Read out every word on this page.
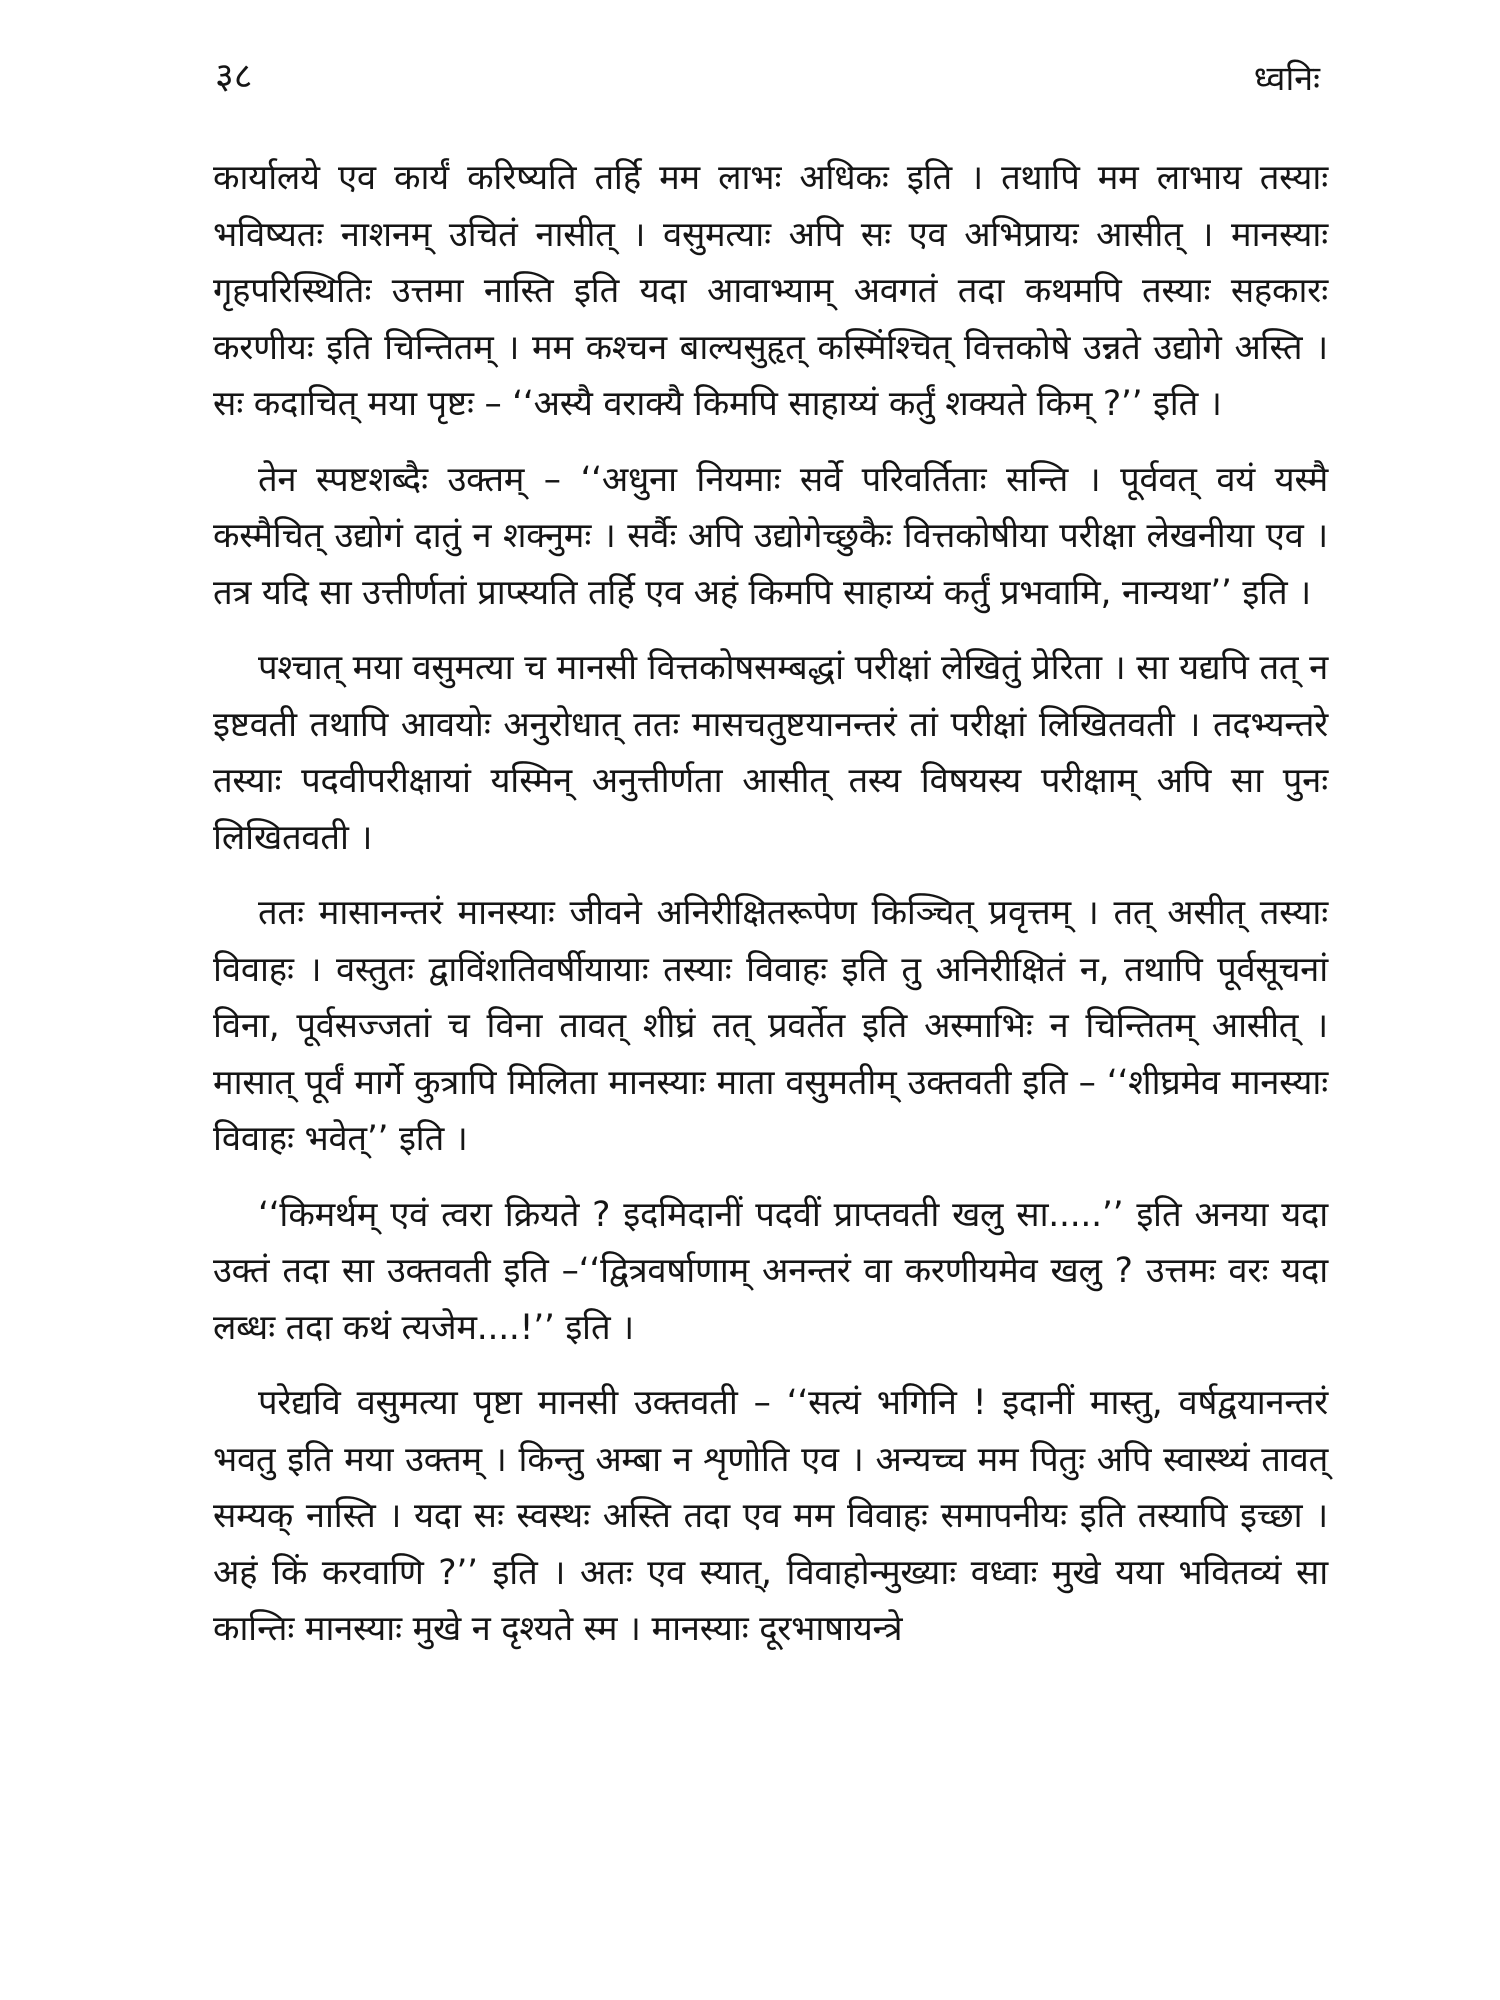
३८	ध्वनिः

कार्यालये एव कार्यं करिष्यति तर्हि मम लाभः अधिकः इति । तथापि मम लाभाय तस्याः भविष्यतः नाशनम् उचितं नासीत् । वसुमत्याः अपि सः एव अभिप्रायः आसीत् । मानस्याः गृहपरिस्थितिः उत्तमा नास्ति इति यदा आवाभ्याम् अवगतं तदा कथमपि तस्याः सहकारः करणीयः इति चिन्तितम् । मम कश्चन बाल्यसुहृत् कस्मिंश्चित् वित्तकोषे उन्नते उद्योगे अस्ति । सः कदाचित् मया पृष्टः – ‘‘अस्यै वराक्यै किमपि साहाय्यं कर्तुं शक्यते किम् ?’’ इति ।

तेन स्पष्टशब्दैः उक्तम् – ‘‘अधुना नियमाः सर्वे परिवर्तिताः सन्ति । पूर्ववत् वयं यस्मै कस्मैचित् उद्योगं दातुं न शक्नुमः । सर्वैः अपि उद्योगेच्छुकैः वित्तकोषीया परीक्षा लेखनीया एव । तत्र यदि सा उत्तीर्णतां प्राप्स्यति तर्हि एव अहं किमपि साहाय्यं कर्तुं प्रभवामि, नान्यथा’’ इति ।

पश्चात् मया वसुमत्या च मानसी वित्तकोषसम्बद्धां परीक्षां लेखितुं प्रेरिता । सा यद्यपि तत् न इष्टवती तथापि आवयोः अनुरोधात् ततः मासचतुष्टयानन्तरं तां परीक्षां लिखितवती । तदभ्यन्तरे तस्याः पदवीपरीक्षायां यस्मिन् अनुत्तीर्णता आसीत् तस्य विषयस्य परीक्षाम् अपि सा पुनः लिखितवती ।

ततः मासानन्तरं मानस्याः जीवने अनिरीक्षितरूपेण किञ्चित् प्रवृत्तम् । तत् असीत् तस्याः विवाहः । वस्तुतः द्वाविंशतिवर्षीयायाः तस्याः विवाहः इति तु अनिरीक्षितं न, तथापि पूर्वसूचनां विना, पूर्वसज्जतां च विना तावत् शीघ्रं तत् प्रवर्तेत इति अस्माभिः न चिन्तितम् आसीत् । मासात् पूर्वं मार्गे कुत्रापि मिलिता मानस्याः माता वसुमतीम् उक्तवती इति – ‘‘शीघ्रमेव मानस्याः विवाहः भवेत्’’ इति ।

‘‘किमर्थम् एवं त्वरा क्रियते ? इदमिदानीं पदवीं प्राप्तवती खलु सा.....’’ इति अनया यदा उक्तं तदा सा उक्तवती इति –‘‘द्वित्रवर्षाणाम् अनन्तरं वा करणीयमेव खलु ? उत्तमः वरः यदा लब्धः तदा कथं त्यजेम....!’’ इति ।

परेद्यवि वसुमत्या पृष्टा मानसी उक्तवती – ‘‘सत्यं भगिनि ! इदानीं मास्तु, वर्षद्वयानन्तरं भवतु इति मया उक्तम् । किन्तु अम्बा न शृणोति एव । अन्यच्च मम पितुः अपि स्वास्थ्यं तावत् सम्यक् नास्ति । यदा सः स्वस्थः अस्ति तदा एव मम विवाहः समापनीयः इति तस्यापि इच्छा । अहं किं करवाणि ?’’ इति । अतः एव स्यात्, विवाहोन्मुख्याः वध्वाः मुखे यया भवितव्यं सा कान्तिः मानस्याः मुखे न दृश्यते स्म । मानस्याः दूरभाषायन्त्रे
